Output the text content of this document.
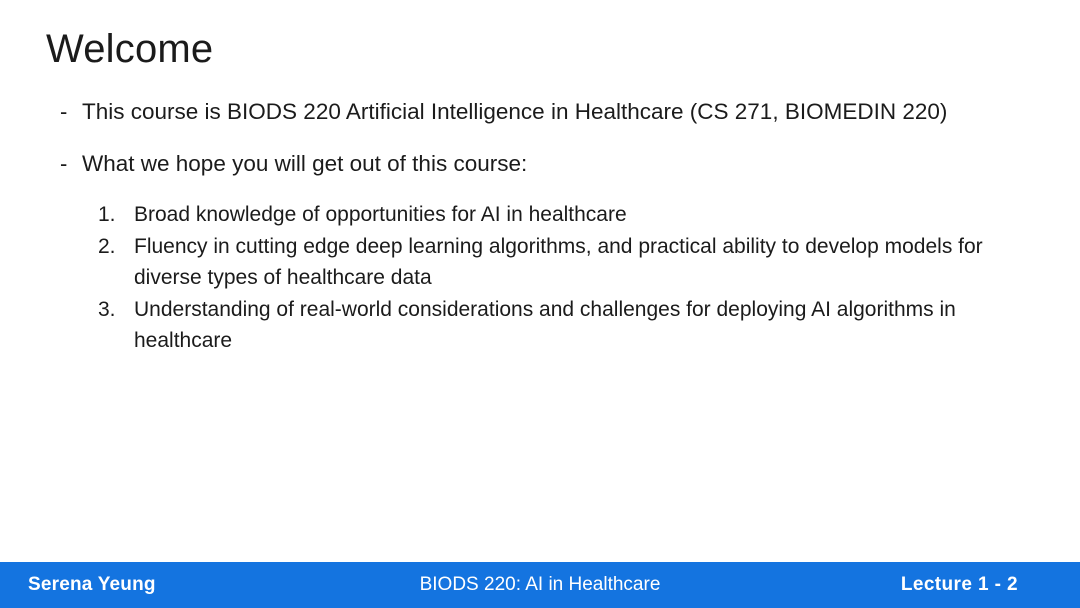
Welcome
- This course is BIODS 220 Artificial Intelligence in Healthcare (CS 271, BIOMEDIN 220)
- What we hope you will get out of this course:
1. Broad knowledge of opportunities for AI in healthcare
2. Fluency in cutting edge deep learning algorithms, and practical ability to develop models for diverse types of healthcare data
3. Understanding of real-world considerations and challenges for deploying AI algorithms in healthcare
Serena Yeung	BIODS 220: AI in Healthcare	Lecture 1 - 2
